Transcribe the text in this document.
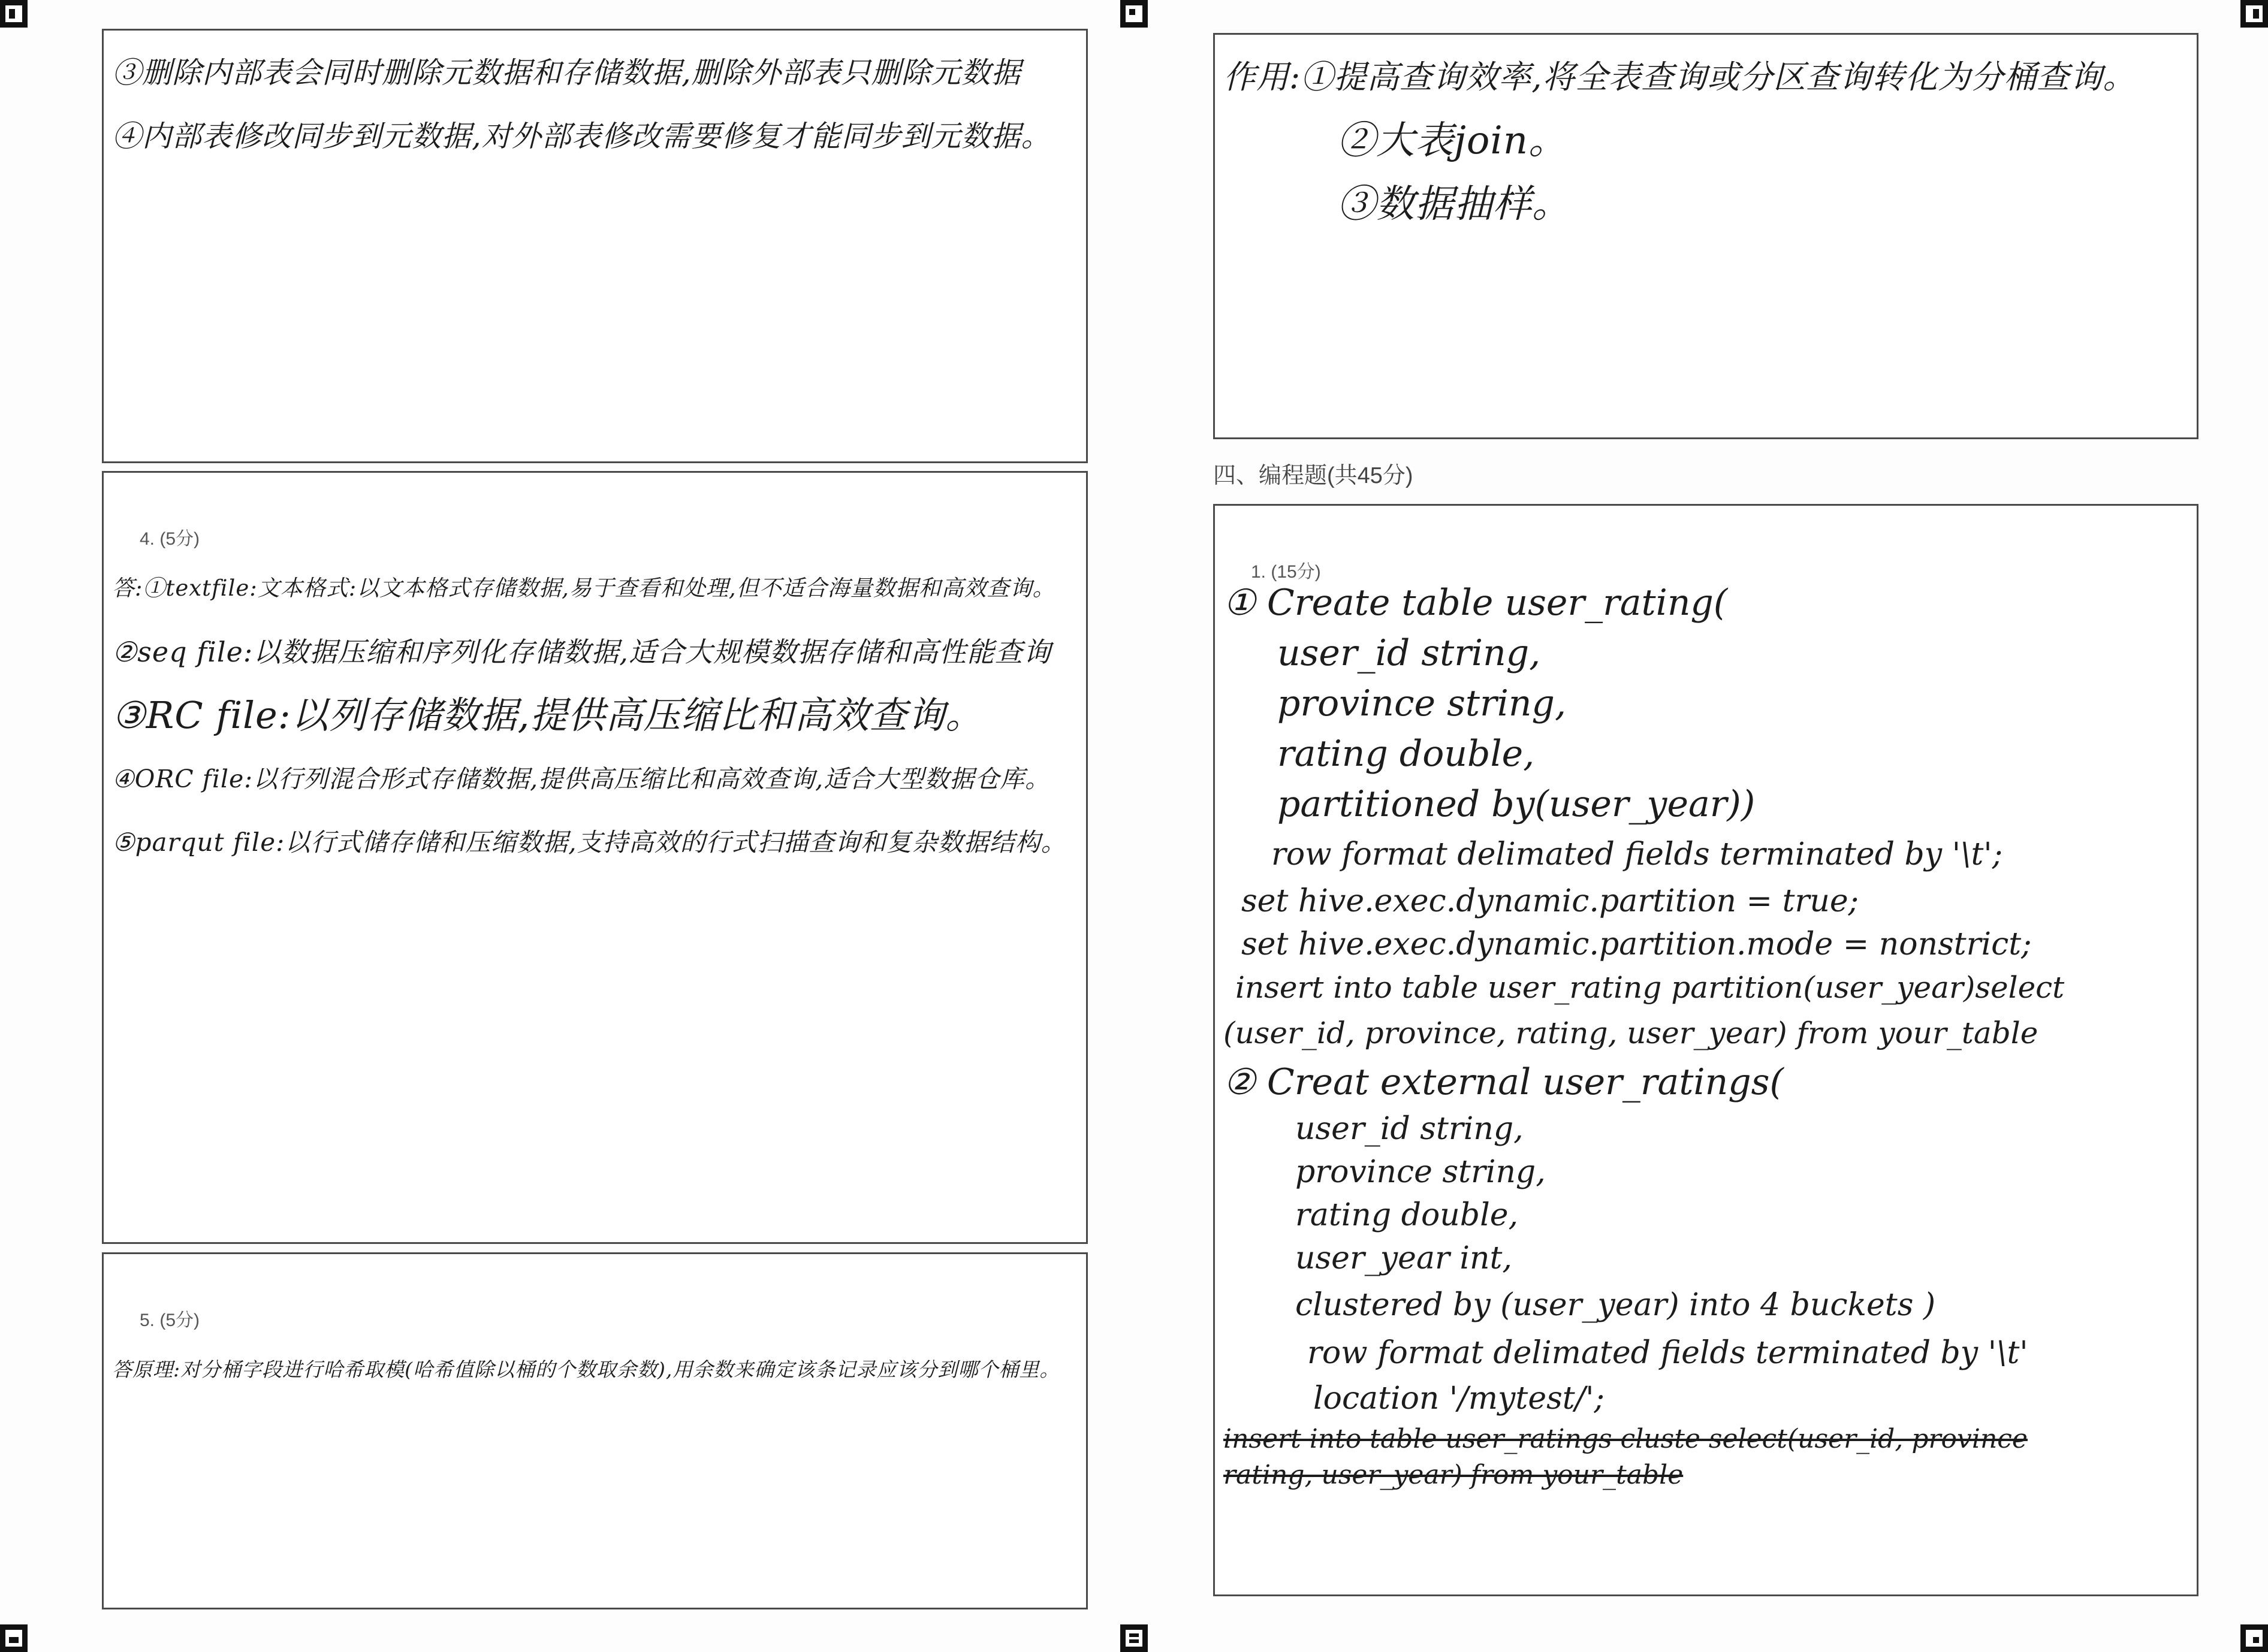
③删除内部表会同时删除元数据和存储数据,删除外部表只删除元数据
④内部表修改同步到元数据,对外部表修改需要修复才能同步到元数据。
4. (5分)
答:①textfile:文本格式:以文本格式存储数据,易于查看和处理,但不适合海量数据和高效查询。
②seq file:以数据压缩和序列化存储数据,适合大规模数据存储和高性能查询
③RC file:以列存储数据,提供高压缩比和高效查询。
④ORC file:以行列混合形式存储数据,提供高压缩比和高效查询,适合大型数据仓库。
⑤parqut file:以行式储存储和压缩数据,支持高效的行式扫描查询和复杂数据结构。
5. (5分)
答原理:对分桶字段进行哈希取模(哈希值除以桶的个数取余数),用余数来确定该条记录应该分到哪个桶里。
作用:①提高查询效率,将全表查询或分区查询转化为分桶查询。
②大表join。
③数据抽样。
四、编程题(共45分)
1. (15分)
① Create table user_rating(
user_id string,
province string,
rating double,
partitioned by(user_year))
row format delimated fields terminated by '\t';
set hive.exec.dynamic.partition = true;
set hive.exec.dynamic.partition.mode = nonstrict;
insert into table user_rating partition(user_year)select
(user_id, province, rating, user_year) from your_table
② Creat external user_ratings(
user_id string,
province string,
rating double,
user_year int,
clustered by (user_year) into 4 buckets )
row format delimated fields terminated by '\t'
location '/mytest/';
insert into table user_ratings cluste select(user_id, province
rating, user_year) from your_table
